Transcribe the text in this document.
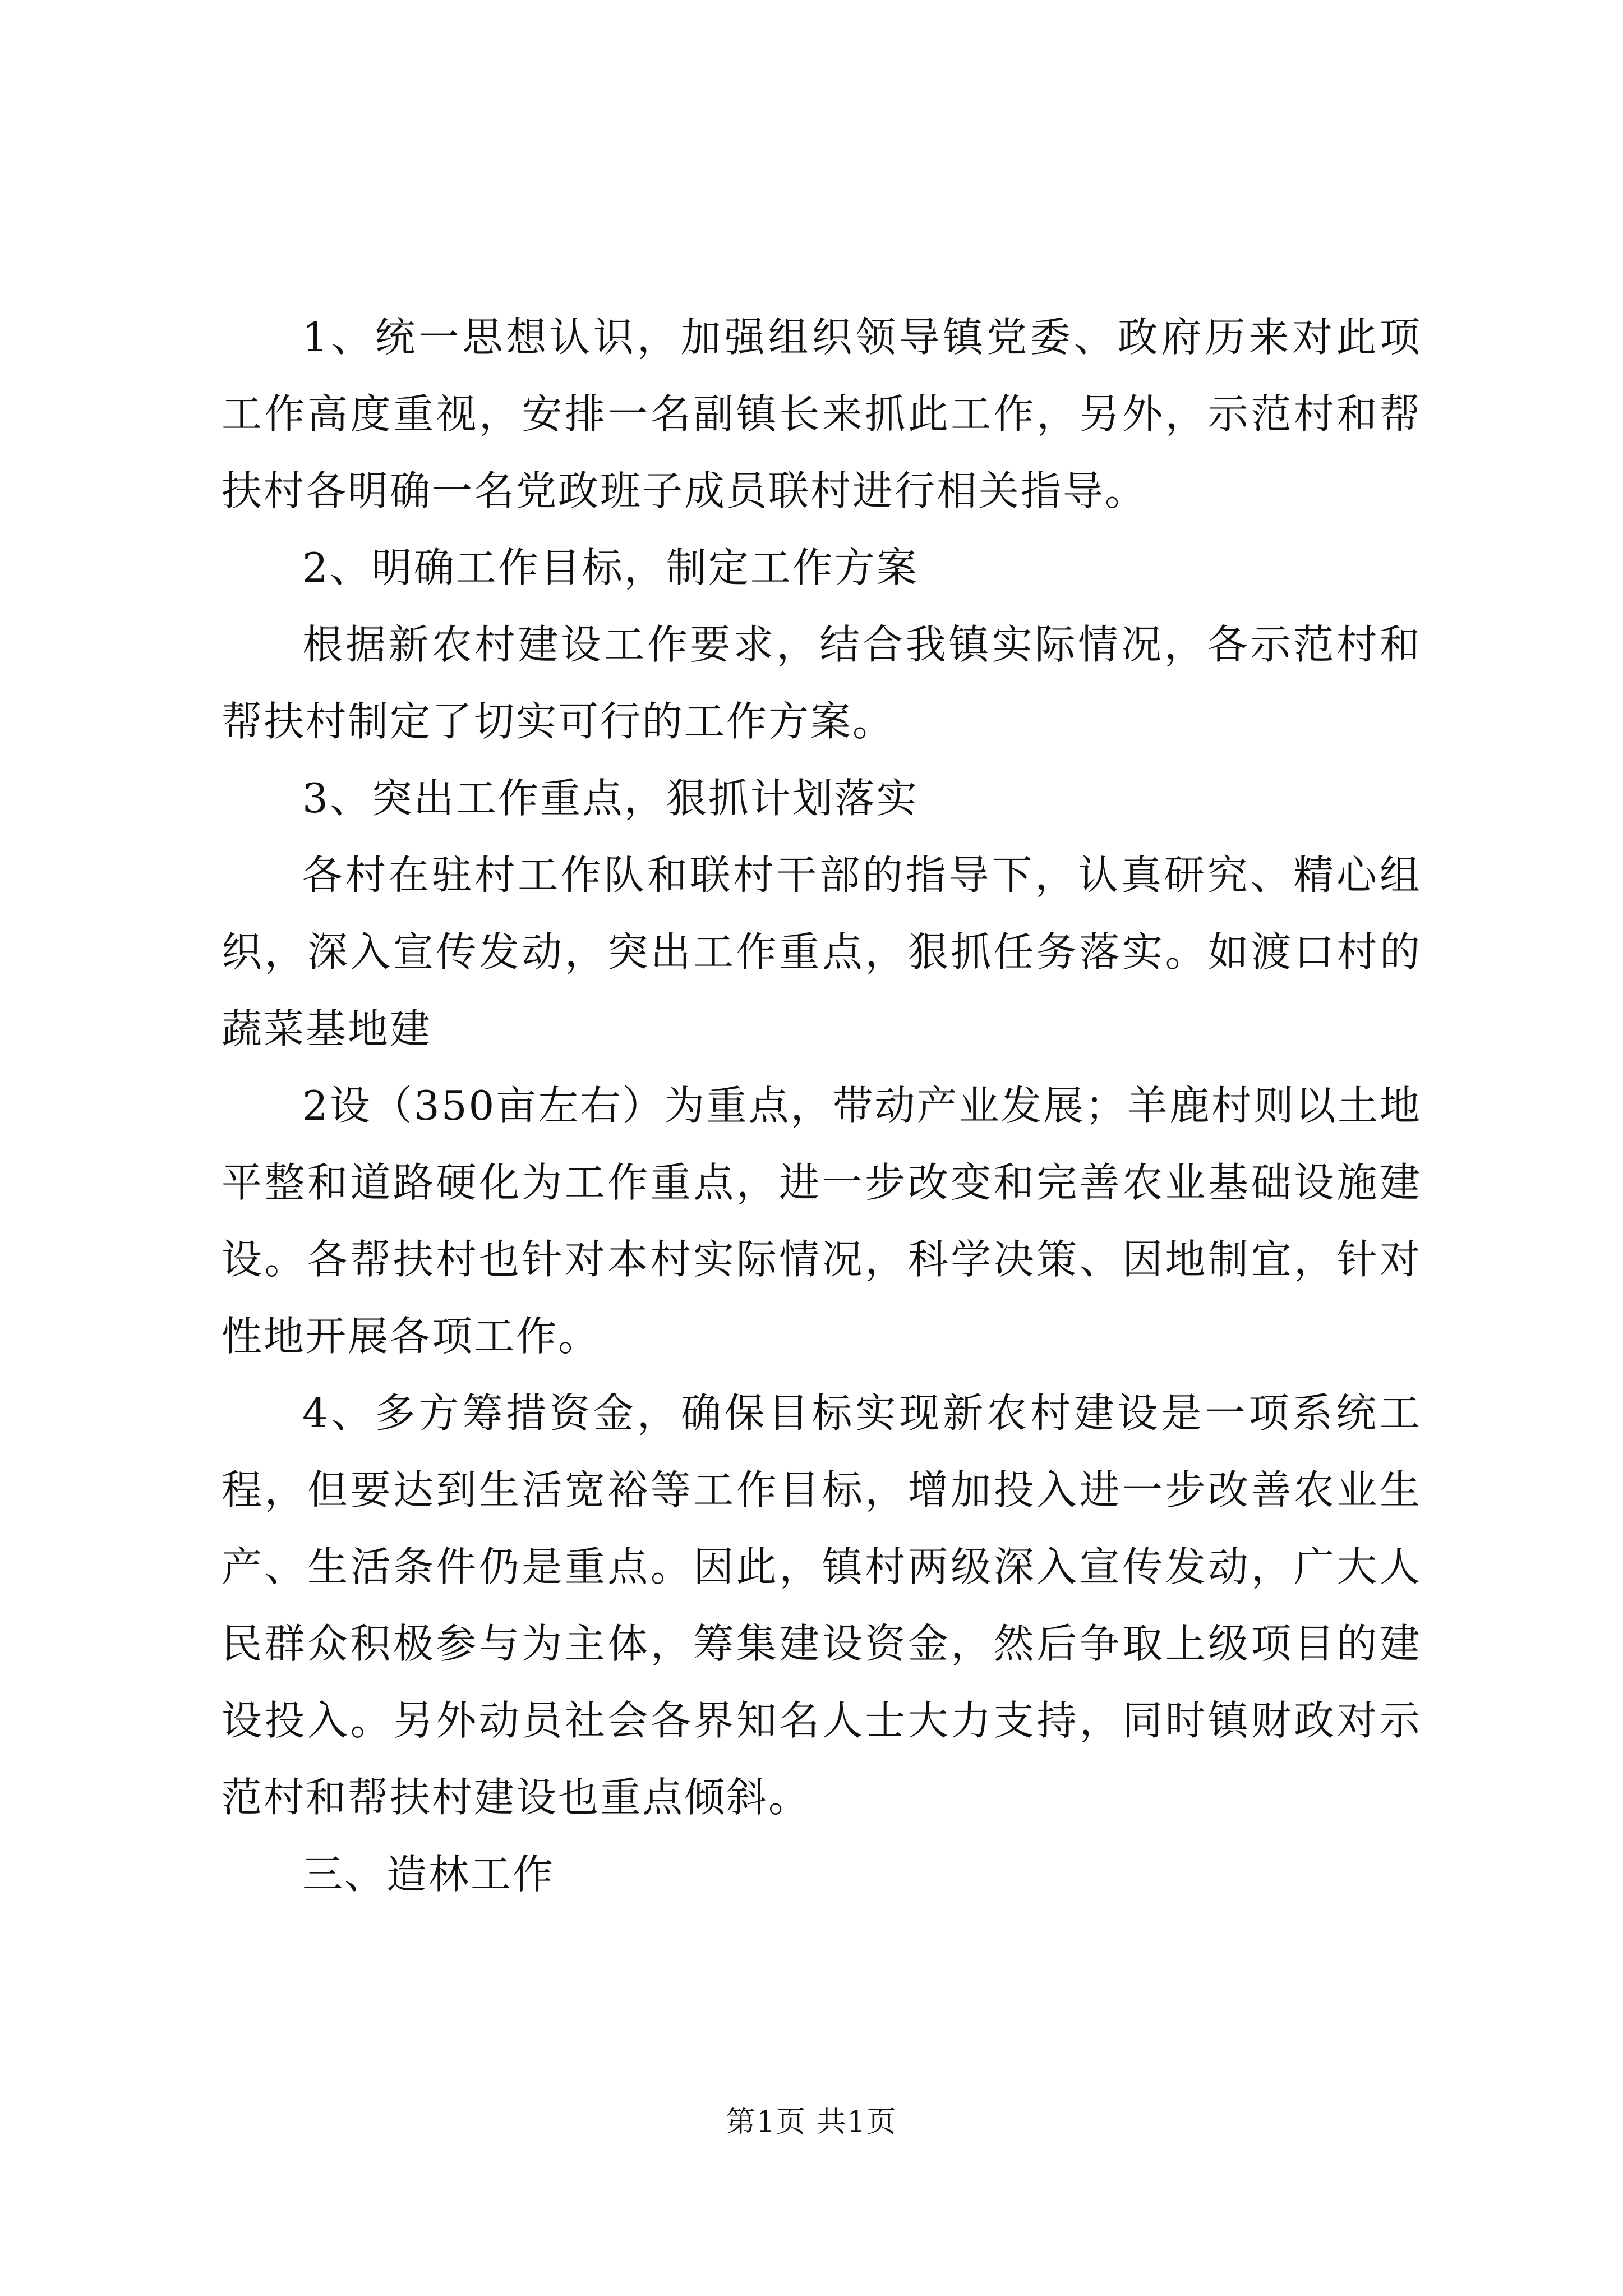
1、统一思想认识，加强组织领导镇党委、政府历来对此项工作高度重视，安排一名副镇长来抓此工作，另外，示范村和帮扶村各明确一名党政班子成员联村进行相关指导。

2、明确工作目标，制定工作方案

根据新农村建设工作要求，结合我镇实际情况，各示范村和帮扶村制定了切实可行的工作方案。

3、突出工作重点，狠抓计划落实

各村在驻村工作队和联村干部的指导下，认真研究、精心组织，深入宣传发动，突出工作重点，狠抓任务落实。如渡口村的蔬菜基地建

2设（350亩左右）为重点，带动产业发展；羊鹿村则以土地平整和道路硬化为工作重点，进一步改变和完善农业基础设施建设。各帮扶村也针对本村实际情况，科学决策、因地制宜，针对性地开展各项工作。

4、多方筹措资金，确保目标实现新农村建设是一项系统工程，但要达到生活宽裕等工作目标，增加投入进一步改善农业生产、生活条件仍是重点。因此，镇村两级深入宣传发动，广大人民群众积极参与为主体，筹集建设资金，然后争取上级项目的建设投入。另外动员社会各界知名人士大力支持，同时镇财政对示范村和帮扶村建设也重点倾斜。

三、造林工作

第1页 共1页
